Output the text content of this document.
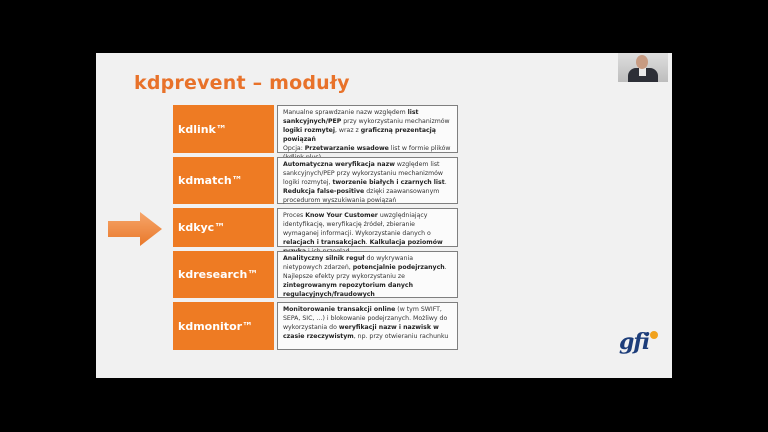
kdprevent – moduły
kdlink™
Manualne sprawdzanie nazw względem list sankcyjnych/PEP przy wykorzystaniu mechanizmów logiki rozmytej, wraz z graficzną prezentacją powiązań
Opcja: Przetwarzanie wsadowe list w formie plików
kdmatch™
Automatyczna weryfikacja nazw względem list sankcyjnych/PEP przy wykorzystaniu mechanizmów logiki rozmytej, tworzenie białych i czarnych list. Redukcja false-positive dzięki zaawansowanym procedurom wyszukiwania powiązań
kdkyc™
Proces Know Your Customer uwzględniający identyfikację, weryfikację źródeł, zbieranie wymaganej informacji. Wykorzystanie danych o relacjach i transakcjach. Kalkulacja poziomów
kdresearch™
Analityczny silnik reguł do wykrywania nietypowych zdarzeń, potencjalnie podejrzanych. Najlepsze efekty przy wykorzystaniu ze zintegrowanym repozytorium danych regulacyjnych/fraudowych
kdmonitor™
Monitorowanie transakcji online (w tym SWIFT, SEPA, SIC, …) i blokowanie podejrzanych. Możliwy do wykorzystania do weryfikacji nazw i nazwisk w czasie rzeczywistym, np. przy otwieraniu rachunku	gfi
